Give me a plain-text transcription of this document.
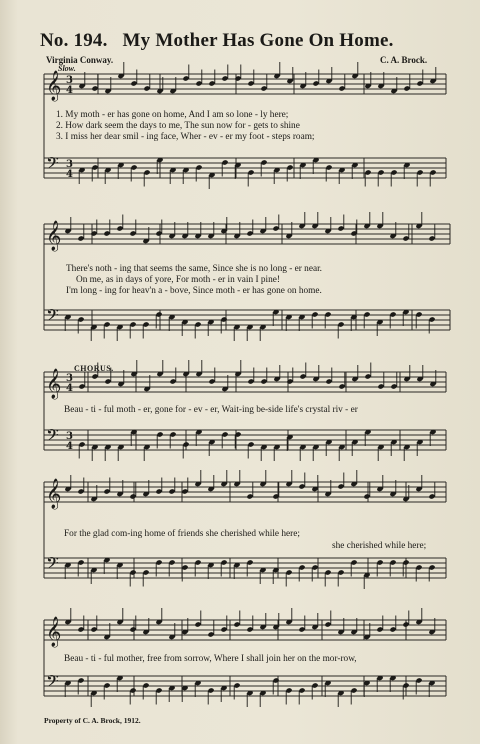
No. 194. My Mother Has Gone On Home.
Virginia Conway.	C. A. Brock.
Slow.
𝄞
𝄢
3
4
3
4
1. My moth - er has gone on home, And I am so lone - ly here;
2. How dark seem the days to me, The sun now for - gets to shine
3. I miss her dear smil - ing face, Wher - ev - er my foot - steps roam;
𝄞
𝄢
There's noth - ing that seems the same, Since she is no long - er near.
On me, as in days of yore, For moth - er in vain I pine!
I'm long - ing for heav'n a - bove, Since moth - er has gone on home.
CHORUS.
𝄞
𝄢
3
4
3
4
Beau - ti - ful moth - er, gone for - ev - er, Wait-ing be-side life's crystal riv - er
𝄞
𝄢
For the glad com-ing home of friends she cherished while here;
she cherished while here;
𝄞
𝄢
Beau - ti - ful mother, free from sorrow, Where I shall join her on the mor-row,
Property of C. A. Brock, 1912.
